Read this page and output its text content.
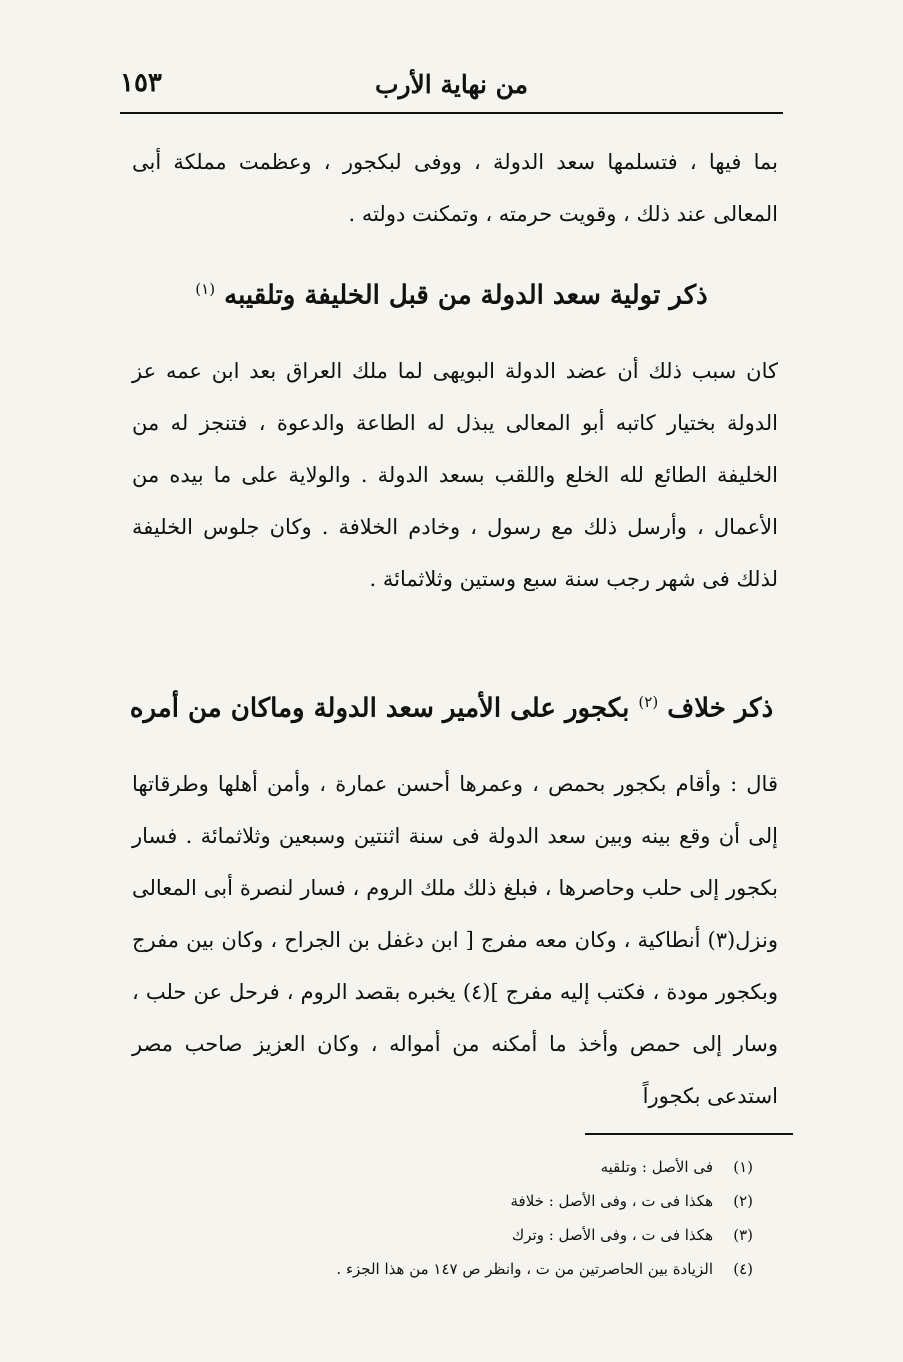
من نهاية الأرب
١٥٣

بما فيها ، فتسلمها سعد الدولة ، ووفى لبكجور ، وعظمت مملكة أبى المعالى عند ذلك ، وقويت حرمته ، وتمكنت دولته .

ذكر تولية سعد الدولة من قبل الخليفة وتلقيبه $^{(١)}$

كان سبب ذلك أن عضد الدولة البويهى لما ملك العراق بعد ابن عمه عز الدولة بختيار كاتبه أبو المعالى يبذل له الطاعة والدعوة ، فتنجز له من الخليفة الطائع لله الخلع واللقب بسعد الدولة . والولاية على ما بيده من الأعمال ، وأرسل ذلك مع رسول ، وخادم الخلافة . وكان جلوس الخليفة لذلك فى شهر رجب سنة سبع وستين وثلاثمائة .

ذكر خلاف $^{(٢)}$ بكجور على الأمير سعد الدولة وماكان من أمره

قال : وأقام بكجور بحمص ، وعمرها أحسن عمارة ، وأمن أهلها وطرقاتها إلى أن وقع بينه وبين سعد الدولة فى سنة اثنتين وسبعين وثلاثمائة . فسار بكجور إلى حلب وحاصرها ، فبلغ ذلك ملك الروم ، فسار لنصرة أبى المعالى ونزل(٣) أنطاكية ، وكان معه مفرج [ ابن دغفل بن الجراح ، وكان بين مفرج وبكجور مودة ، فكتب إليه مفرج ](٤) يخبره بقصد الروم ، فرحل عن حلب ، وسار إلى حمص وأخذ ما أمكنه من أمواله ، وكان العزيز صاحب مصر استدعى بكجوراً

(١)
فى الأصل : وتلقيه
(٢)
هكذا فى ت ، وفى الأصل : خلافة
(٣)
هكذا فى ت ، وفى الأصل : وترك
(٤)
الزيادة بين الحاصرتين من ت ، وانظر ص ١٤٧ من هذا الجزء .
